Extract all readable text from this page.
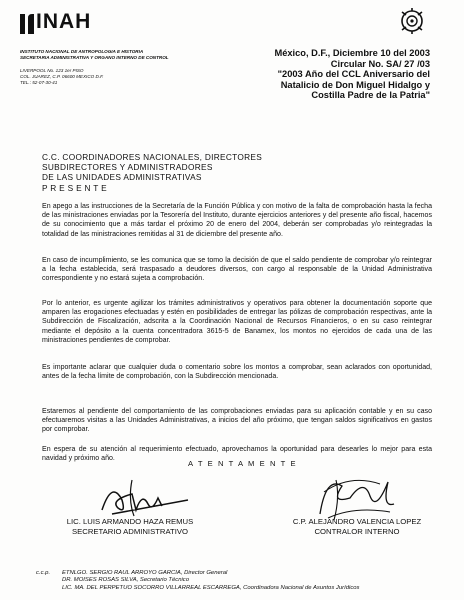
INAH
INSTITUTO NACIONAL DE ANTROPOLOGIA E HISTORIA
SECRETARIA ADMINISTRATIVA Y ORGANO INTERNO DE CONTROL
LIVERPOOL No. 123 1er PISO
COL. JUAREZ, C.P. 06600 MEXICO D.F.
TEL.: 52-07-30-41
México, D.F., Diciembre 10 del 2003
Circular No. SA/ 27 /03
"2003 Año del CCL Aniversario del
Natalicio de Don Miguel Hidalgo y
Costilla Padre de la Patria"
C.C. COORDINADORES NACIONALES, DIRECTORES
SUBDIRECTORES Y ADMINISTRADORES
DE LAS UNIDADES ADMINISTRATIVAS
P R E S E N T E
En apego a las instrucciones de la Secretaría de la Función Pública y con motivo de la falta de comprobación hasta la fecha de las ministraciones enviadas por la Tesorería del Instituto, durante ejercicios anteriores y del presente año fiscal, hacemos de su conocimiento que a más tardar el próximo 20 de enero del 2004, deberán ser comprobadas y/o reintegradas la totalidad de las ministraciones remitidas al 31 de diciembre del presente año.
En caso de incumplimiento, se les comunica que se tomo la decisión de que el saldo pendiente de comprobar y/o reintegrar a la fecha establecida, será traspasado a deudores diversos, con cargo al responsable de la Unidad Administrativa correspondiente y no estará sujeta a comprobación.
Por lo anterior, es urgente agilizar los trámites administrativos y operativos para obtener la documentación soporte que amparen las erogaciones efectuadas y estén en posibilidades de entregar las pólizas de comprobación respectivas, ante la Subdirección de Fiscalización, adscrita a la Coordinación Nacional de Recursos Financieros, o en su caso reintegrar mediante el depósito a la cuenta concentradora 3615-5 de Banamex, los montos no ejercidos de cada una de las ministraciones pendientes de comprobar.
Es importante aclarar que cualquier duda o comentario sobre los montos a comprobar, sean aclarados con oportunidad, antes de la fecha límite de comprobación, con la Subdirección mencionada.
Estaremos al pendiente del comportamiento de las comprobaciones enviadas para su aplicación contable y en su caso efectuaremos visitas a las Unidades Administrativas, a inicios del año próximo, que tengan saldos significativos en gastos por comprobar.
En espera de su atención al requerimiento efectuado, aprovechamos la oportunidad para desearles lo mejor para esta navidad y próximo año.
A T E N T A M E N T E
LIC. LUIS ARMANDO HAZA REMUS
SECRETARIO ADMINISTRATIVO
C.P. ALEJANDRO VALENCIA LOPEZ
CONTRALOR INTERNO
c.c.p. ETNLGO. SERGIO RAUL ARROYO GARCIA, Director General
DR. MOISES ROSAS SILVA, Secretario Técnico
LIC. MA. DEL PERPETUO SOCORRO VILLARREAL ESCARREGA, Coordinadora Nacional de Asuntos Jurídicos
